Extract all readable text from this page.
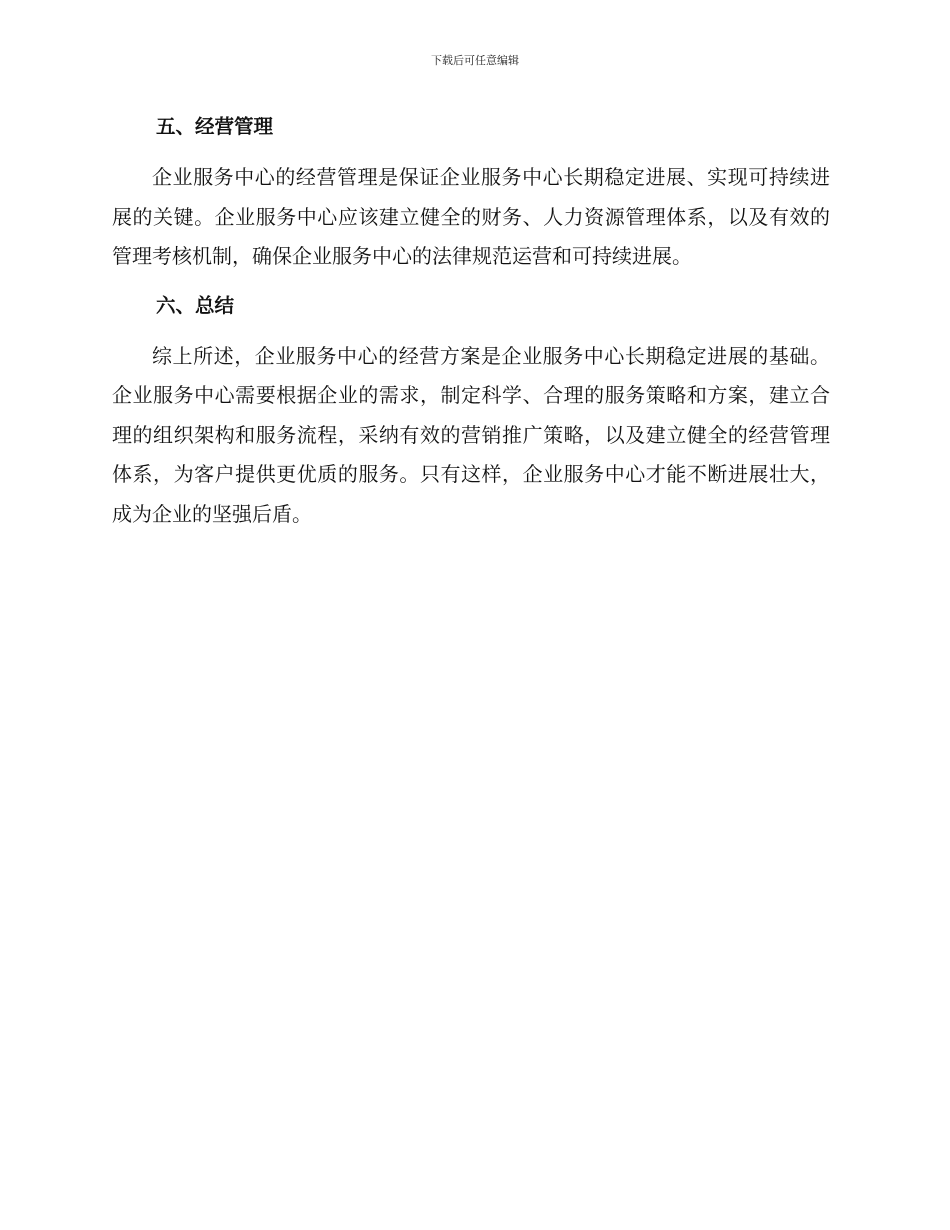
下载后可任意编辑
五、经营管理

企业服务中心的经营管理是保证企业服务中心长期稳定进展、实现可持续进展的关键。企业服务中心应该建立健全的财务、人力资源管理体系，以及有效的管理考核机制，确保企业服务中心的法律规范运营和可持续进展。

六、总结

综上所述，企业服务中心的经营方案是企业服务中心长期稳定进展的基础。企业服务中心需要根据企业的需求，制定科学、合理的服务策略和方案，建立合理的组织架构和服务流程，采纳有效的营销推广策略，以及建立健全的经营管理体系，为客户提供更优质的服务。只有这样，企业服务中心才能不断进展壮大，成为企业的坚强后盾。
